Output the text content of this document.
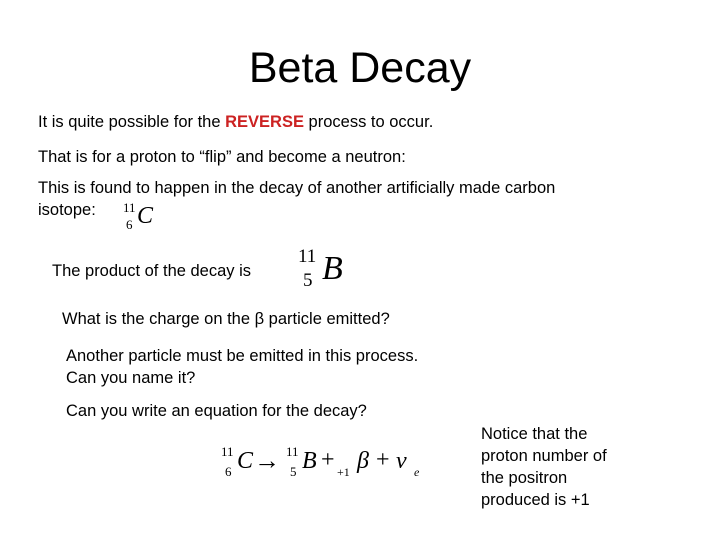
Beta Decay
It is quite possible for the REVERSE process to occur.
That is for a proton to “flip” and become a neutron:
This is found to happen in the decay of another artificially made carbon
isotope: 11
6 C
The product of the decay is
11
5 B
What is the charge on the β particle emitted?
Another particle must be emitted in this process.
Can you name it?
Can you write an equation for the decay?
11
6 C → 11
5 B + +1 β + ν e
Notice that the
proton number of
the positron
produced is +1
